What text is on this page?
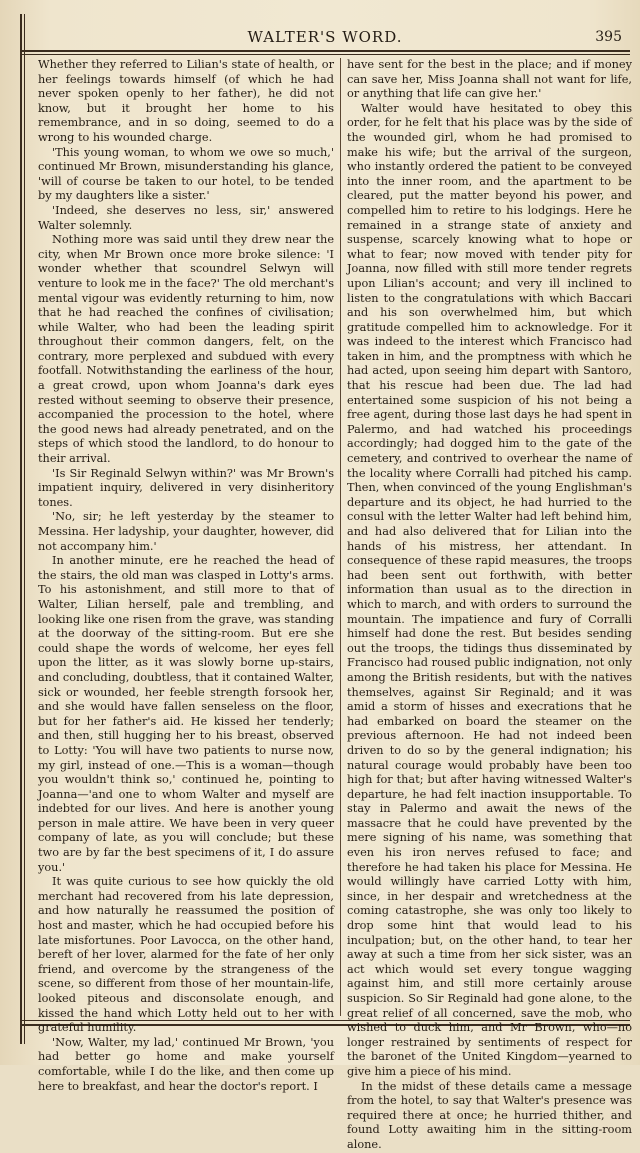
WALTER'S WORD.	395

Whether they referred to Lilian's state of health, or her feelings towards himself (of which he had never spoken openly to her father), he did not know, but it brought her home to his remembrance, and in so doing, seemed to do a wrong to his wounded charge.

'This young woman, to whom we owe so much,' continued Mr Brown, misunderstanding his glance, 'will of course be taken to our hotel, to be tended by my daughters like a sister.'

'Indeed, she deserves no less, sir,' answered Walter solemnly.

Nothing more was said until they drew near the city, when Mr Brown once more broke silence: 'I wonder whether that scoundrel Selwyn will venture to look me in the face?' The old merchant's mental vigour was evidently returning to him, now that he had reached the confines of civilisation; while Walter, who had been the leading spirit throughout their common dangers, felt, on the contrary, more perplexed and subdued with every footfall. Notwithstanding the earliness of the hour, a great crowd, upon whom Joanna's dark eyes rested without seeming to observe their presence, accompanied the procession to the hotel, where the good news had already penetrated, and on the steps of which stood the landlord, to do honour to their arrival.

'Is Sir Reginald Selwyn within?' was Mr Brown's impatient inquiry, delivered in very disinheritory tones.

'No, sir; he left yesterday by the steamer to Messina. Her ladyship, your daughter, however, did not accompany him.'

In another minute, ere he reached the head of the stairs, the old man was clasped in Lotty's arms. To his astonishment, and still more to that of Walter, Lilian herself, pale and trembling, and looking like one risen from the grave, was standing at the doorway of the sitting-room. But ere she could shape the words of welcome, her eyes fell upon the litter, as it was slowly borne up-stairs, and concluding, doubtless, that it contained Walter, sick or wounded, her feeble strength forsook her, and she would have fallen senseless on the floor, but for her father's aid. He kissed her tenderly; and then, still hugging her to his breast, observed to Lotty: 'You will have two patients to nurse now, my girl, instead of one.—This is a woman—though you wouldn't think so,' continued he, pointing to Joanna—'and one to whom Walter and myself are indebted for our lives. And here is another young person in male attire. We have been in very queer company of late, as you will conclude; but these two are by far the best specimens of it, I do assure you.'

It was quite curious to see how quickly the old merchant had recovered from his late depression, and how naturally he reassumed the position of host and master, which he had occupied before his late misfortunes. Poor Lavocca, on the other hand, bereft of her lover, alarmed for the fate of her only friend, and overcome by the strangeness of the scene, so different from those of her mountain-life, looked piteous and disconsolate enough, and kissed the hand which Lotty held out to her with grateful humility.

'Now, Walter, my lad,' continued Mr Brown, 'you had better go home and make yourself comfortable, while I do the like, and then come up here to breakfast, and hear the doctor's report. I

have sent for the best in the place; and if money can save her, Miss Joanna shall not want for life, or anything that life can give her.'

Walter would have hesitated to obey this order, for he felt that his place was by the side of the wounded girl, whom he had promised to make his wife; but the arrival of the surgeon, who instantly ordered the patient to be conveyed into the inner room, and the apartment to be cleared, put the matter beyond his power, and compelled him to retire to his lodgings. Here he remained in a strange state of anxiety and suspense, scarcely knowing what to hope or what to fear; now moved with tender pity for Joanna, now filled with still more tender regrets upon Lilian's account; and very ill inclined to listen to the congratulations with which Baccari and his son overwhelmed him, but which gratitude compelled him to acknowledge. For it was indeed to the interest which Francisco had taken in him, and the promptness with which he had acted, upon seeing him depart with Santoro, that his rescue had been due. The lad had entertained some suspicion of his not being a free agent, during those last days he had spent in Palermo, and had watched his proceedings accordingly; had dogged him to the gate of the cemetery, and contrived to overhear the name of the locality where Corralli had pitched his camp. Then, when convinced of the young Englishman's departure and its object, he had hurried to the consul with the letter Walter had left behind him, and had also delivered that for Lilian into the hands of his mistress, her attendant. In consequence of these rapid measures, the troops had been sent out forthwith, with better information than usual as to the direction in which to march, and with orders to surround the mountain. The impatience and fury of Corralli himself had done the rest. But besides sending out the troops, the tidings thus disseminated by Francisco had roused public indignation, not only among the British residents, but with the natives themselves, against Sir Reginald; and it was amid a storm of hisses and execrations that he had embarked on board the steamer on the previous afternoon. He had not indeed been driven to do so by the general indignation; his natural courage would probably have been too high for that; but after having witnessed Walter's departure, he had felt inaction insupportable. To stay in Palermo and await the news of the massacre that he could have prevented by the mere signing of his name, was something that even his iron nerves refused to face; and therefore he had taken his place for Messina. He would willingly have carried Lotty with him, since, in her despair and wretchedness at the coming catastrophe, she was only too likely to drop some hint that would lead to his inculpation; but, on the other hand, to tear her away at such a time from her sick sister, was an act which would set every tongue wagging against him, and still more certainly arouse suspicion. So Sir Reginald had gone alone, to the great relief of all concerned, save the mob, who wished to duck him, and Mr Brown, who—no longer restrained by sentiments of respect for the baronet of the United Kingdom—yearned to give him a piece of his mind.

In the midst of these details came a message from the hotel, to say that Walter's presence was required there at once; he hurried thither, and found Lotty awaiting him in the sitting-room alone.
